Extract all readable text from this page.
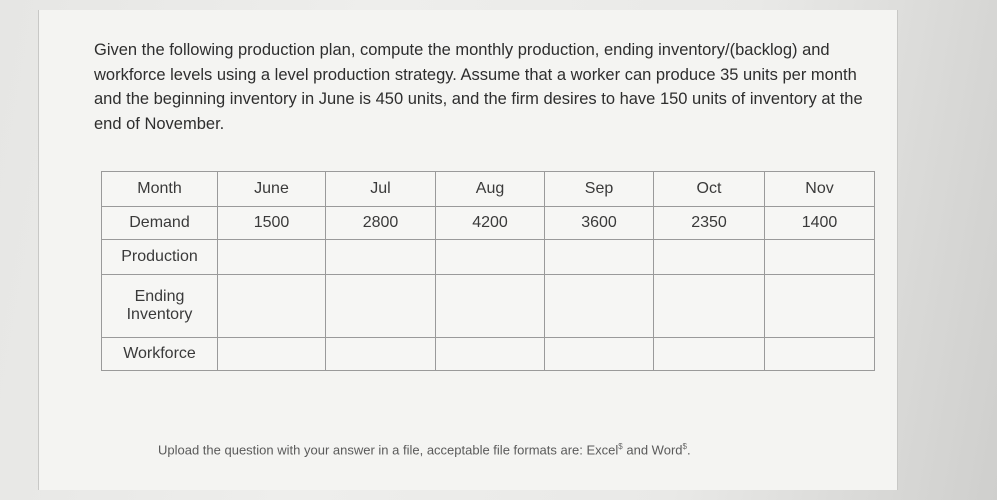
Given the following production plan, compute the monthly production, ending inventory/(backlog) and workforce levels using a level production strategy. Assume that a worker can produce 35 units per month and the beginning inventory in June is 450 units, and the firm desires to have 150 units of inventory at the end of November.

Month	June	Jul	Aug	Sep	Oct	Nov
Demand	1500	2800	4200	3600	2350	1400
Production						
Ending Inventory						
Workforce						
Upload the question with your answer in a file, acceptable file formats are: Excel$ and Word$.
